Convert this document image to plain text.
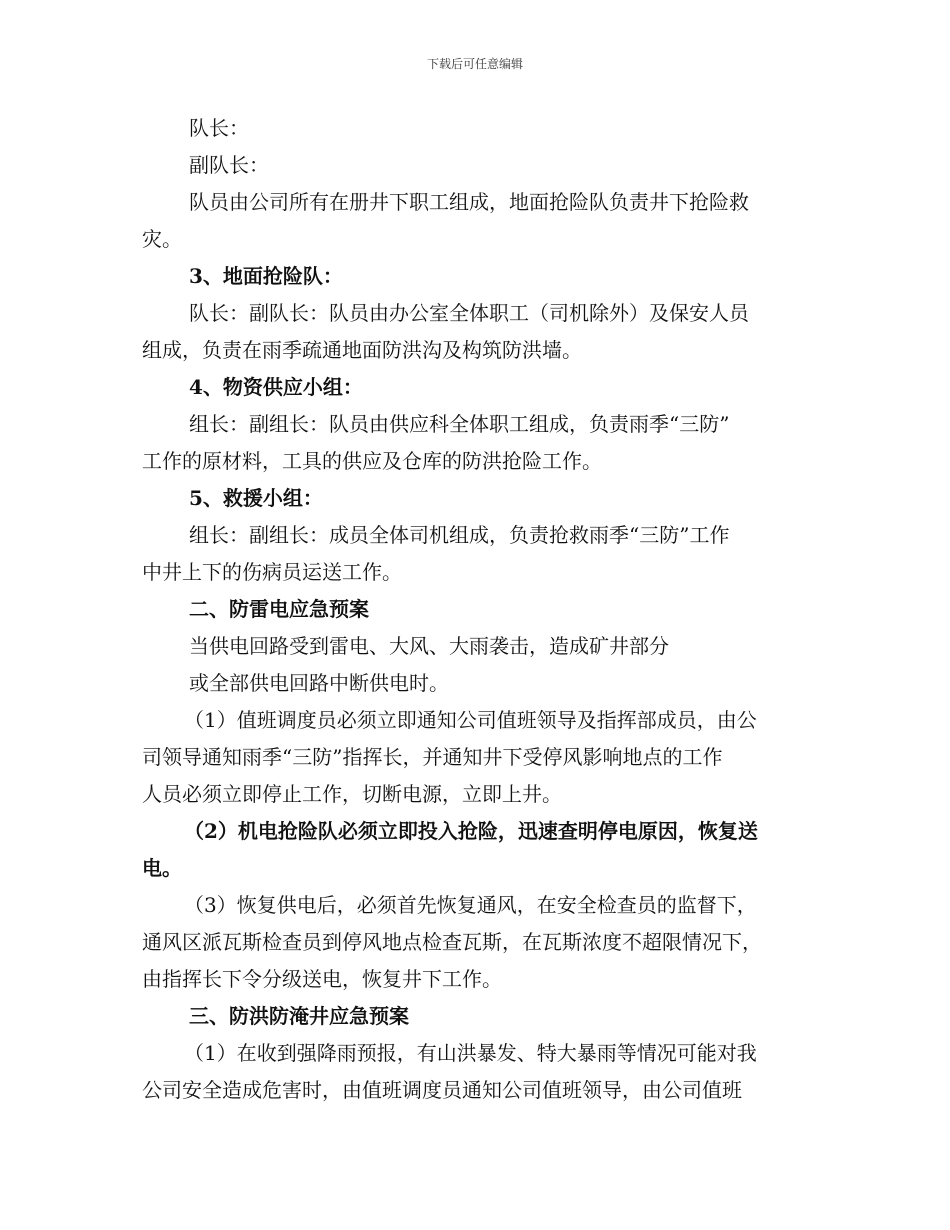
下载后可任意编辑

队长：

副队长：

队员由公司所有在册井下职工组成，地面抢险队负责井下抢险救

灾。

3、地面抢险队：

队长：副队长：队员由办公室全体职工（司机除外）及保安人员

组成，负责在雨季疏通地面防洪沟及构筑防洪墙。

4、物资供应小组：

组长：副组长：队员由供应科全体职工组成，负责雨季“三防”

工作的原材料，工具的供应及仓库的防洪抢险工作。

5、救援小组：

组长：副组长：成员全体司机组成，负责抢救雨季“三防”工作

中井上下的伤病员运送工作。

二、防雷电应急预案

当供电回路受到雷电、大风、大雨袭击，造成矿井部分

或全部供电回路中断供电时。

（1）值班调度员必须立即通知公司值班领导及指挥部成员，由公

司领导通知雨季“三防”指挥长，并通知井下受停风影响地点的工作

人员必须立即停止工作，切断电源，立即上井。

（2）机电抢险队必须立即投入抢险，迅速查明停电原因，恢复送

电。

（3）恢复供电后，必须首先恢复通风，在安全检查员的监督下，

通风区派瓦斯检查员到停风地点检查瓦斯，在瓦斯浓度不超限情况下，

由指挥长下令分级送电，恢复井下工作。

三、防洪防淹井应急预案

（1）在收到强降雨预报，有山洪暴发、特大暴雨等情况可能对我

公司安全造成危害时，由值班调度员通知公司值班领导，由公司值班
